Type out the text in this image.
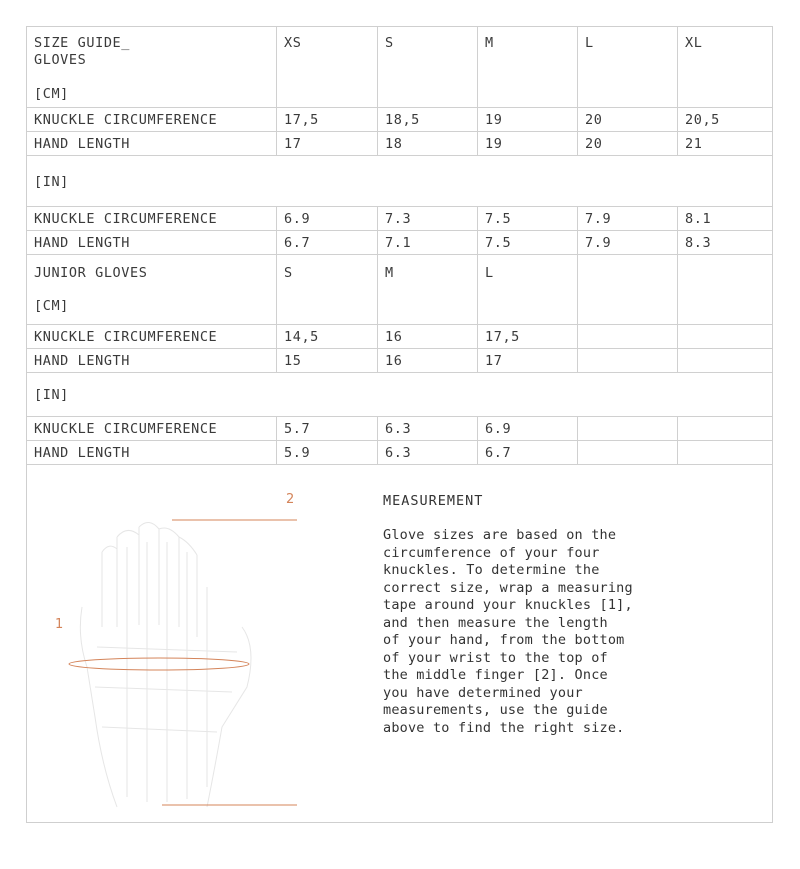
SIZE GUIDE_
GLOVES
[CM]
XS	S	M	L	XL
KNUCKLE CIRCUMFERENCE	17,5	18,5	19	20	20,5
HAND LENGTH	17	18	19	20	21
[IN]
KNUCKLE CIRCUMFERENCE	6.9	7.3	7.5	7.9	8.1
HAND LENGTH	6.7	7.1	7.5	7.9	8.3
JUNIOR GLOVES
[CM]
S	M	L
KNUCKLE CIRCUMFERENCE	14,5	16	17,5
HAND LENGTH	15	16	17
[IN]
KNUCKLE CIRCUMFERENCE	5.7	6.3	6.9
HAND LENGTH	5.9	6.3	6.7
1
2	MEASUREMENT
Glove sizes are based on the
circumference of your four
knuckles. To determine the
correct size, wrap a measuring
tape around your knuckles [1],
and then measure the length
of your hand, from the bottom
of your wrist to the top of
the middle finger [2]. Once
you have determined your
measurements, use the guide
above to find the right size.
